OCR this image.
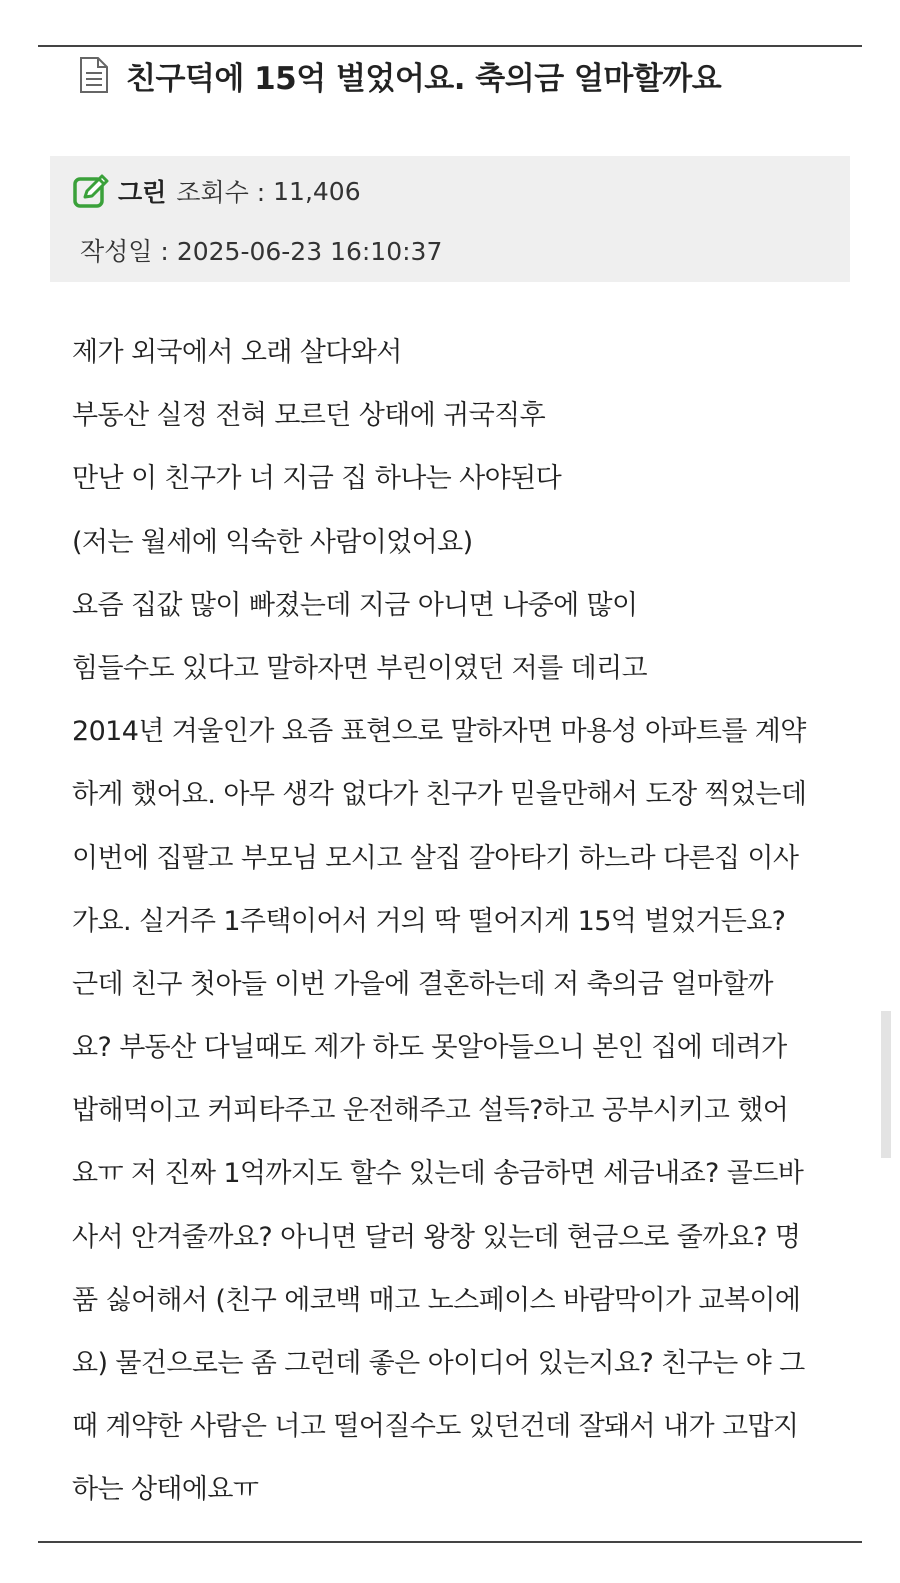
친구덕에 15억 벌었어요. 축의금 얼마할까요
그린 조회수 : 11,406
작성일 : 2025-06-23 16:10:37
제가 외국에서 오래 살다와서
부동산 실정 전혀 모르던 상태에 귀국직후
만난 이 친구가 너 지금 집 하나는 사야된다
(저는 월세에 익숙한 사람이었어요)
요즘 집값 많이 빠졌는데 지금 아니면 나중에 많이
힘들수도 있다고 말하자면 부린이였던 저를 데리고
2014년 겨울인가 요즘 표현으로 말하자면 마용성 아파트를 계약
하게 했어요. 아무 생각 없다가 친구가 믿을만해서 도장 찍었는데
이번에 집팔고 부모님 모시고 살집 갈아타기 하느라 다른집 이사
가요. 실거주 1주택이어서 거의 딱 떨어지게 15억 벌었거든요?
근데 친구 첫아들 이번 가을에 결혼하는데 저 축의금 얼마할까
요? 부동산 다닐때도 제가 하도 못알아들으니 본인 집에 데려가
밥해먹이고 커피타주고 운전해주고 설득?하고 공부시키고 했어
요ㅠ 저 진짜 1억까지도 할수 있는데 송금하면 세금내죠? 골드바
사서 안겨줄까요? 아니면 달러 왕창 있는데 현금으로 줄까요? 명
품 싫어해서 (친구 에코백 매고 노스페이스 바람막이가 교복이에
요) 물건으로는 좀 그런데 좋은 아이디어 있는지요? 친구는 야 그
때 계약한 사람은 너고 떨어질수도 있던건데 잘돼서 내가 고맙지
하는 상태에요ㅠ
